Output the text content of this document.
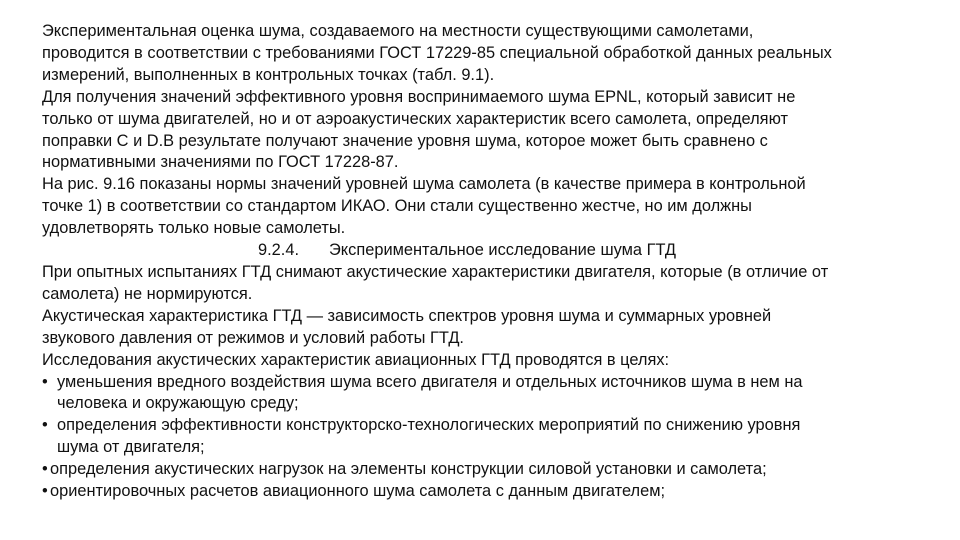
Экспериментальная оценка шума, создаваемого на местности существующими самолетами,
проводится в соответствии с требованиями ГОСТ 17229-85 специальной обработкой данных реальных
измерений, выполненных в контрольных точках (табл. 9.1).
Для получения значений эффективного уровня воспринимаемого шума EPNL, который зависит не
только от шума двигателей, но и от аэроакустических характеристик всего самолета, определяют
поправки С и D.В результате получают значение уровня шума, которое может быть сравнено с
нормативными значениями по ГОСТ 17228-87.
На рис. 9.16 показаны нормы значений уровней шума самолета (в качестве примера в контрольной
точке 1) в соответствии со стандартом ИКАО. Они стали существенно жестче, но им должны
удовлетворять только новые самолеты.
9.2.4. Экспериментальное исследование шума ГТД
При опытных испытаниях ГТД снимают акустические характеристики двигателя, которые (в отличие от
самолета) не нормируются.
Акустическая характеристика ГТД — зависимость спектров уровня шума и суммарных уровней
звукового давления от режимов и условий работы ГТД.
Исследования акустических характеристик авиационных ГТД проводятся в целях:
• уменьшения вредного воздействия шума всего двигателя и отдельных источников шума в нем на
человека и окружающую среду;
• определения эффективности конструкторско-технологических мероприятий по снижению уровня
шума от двигателя;
• определения акустических нагрузок на элементы конструкции силовой установки и самолета;
• ориентировочных расчетов авиационного шума самолета с данным двигателем;
